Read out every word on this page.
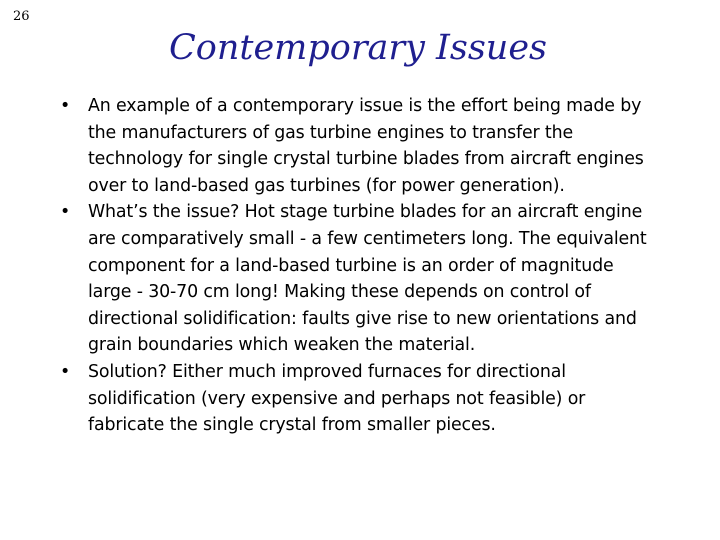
26
Contemporary Issues
•	An example of a contemporary issue is the effort being made by the manufacturers of gas turbine engines to transfer the technology for single crystal turbine blades from aircraft engines over to land-based gas turbines (for power generation).
•	What’s the issue? Hot stage turbine blades for an aircraft engine are comparatively small - a few centimeters long. The equivalent component for a land-based turbine is an order of magnitude large - 30-70 cm long! Making these depends on control of directional solidification: faults give rise to new orientations and grain boundaries which weaken the material.
•	Solution? Either much improved furnaces for directional solidification (very expensive and perhaps not feasible) or fabricate the single crystal from smaller pieces.
